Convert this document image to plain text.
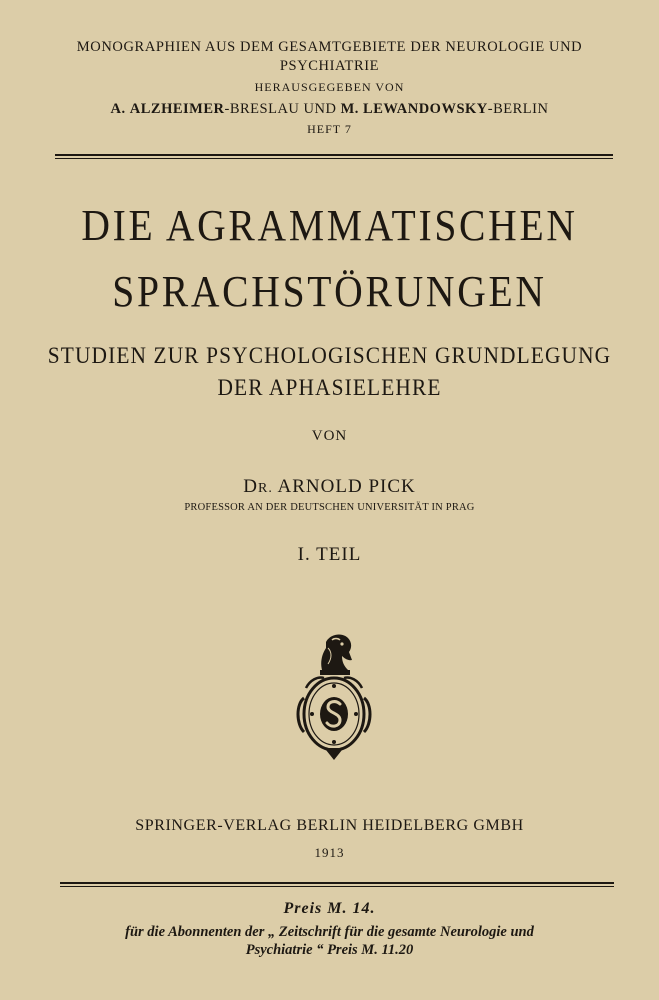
MONOGRAPHIEN AUS DEM GESAMTGEBIETE DER NEUROLOGIE UND
PSYCHIATRIE
HERAUSGEGEBEN VON
A. ALZHEIMER-BRESLAU UND M. LEWANDOWSKY-BERLIN
HEFT 7
DIE AGRAMMATISCHEN
SPRACHSTÖRUNGEN
STUDIEN ZUR PSYCHOLOGISCHEN GRUNDLEGUNG
DER APHASIELEHRE
VON
DR. ARNOLD PICK
PROFESSOR AN DER DEUTSCHEN UNIVERSITÄT IN PRAG
I. TEIL
SPRINGER-VERLAG BERLIN HEIDELBERG GMBH
1913
Preis M. 14.
für die Abonnenten der „ Zeitschrift für die gesamte Neurologie und
Psychiatrie “ Preis M. 11.20
